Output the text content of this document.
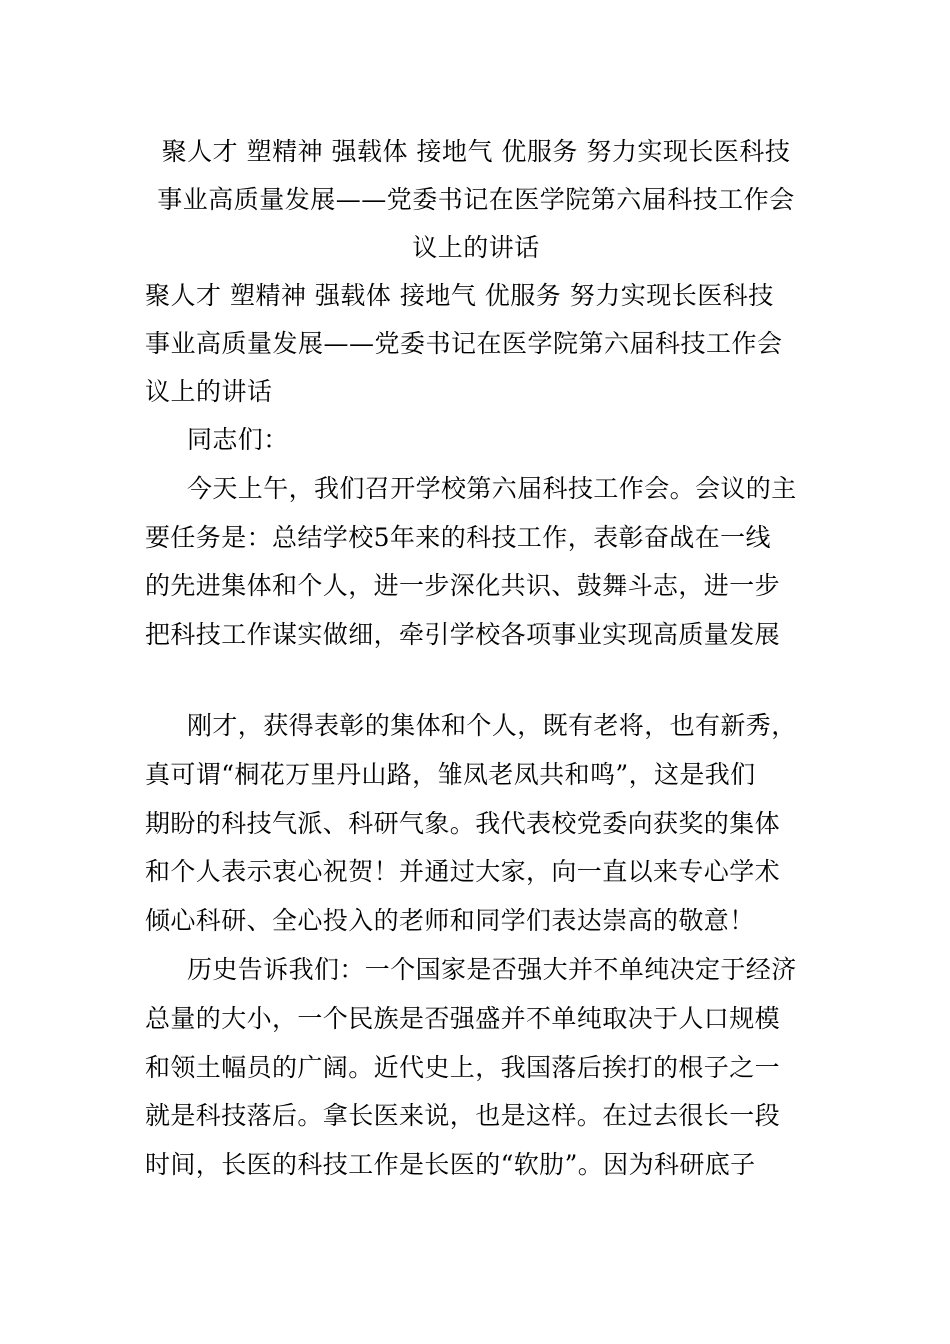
聚人才 塑精神 强载体 接地气 优服务 努力实现长医科技
事业高质量发展——党委书记在医学院第六届科技工作会
议上的讲话
聚人才 塑精神 强载体 接地气 优服务 努力实现长医科技
事业高质量发展——党委书记在医学院第六届科技工作会
议上的讲话

同志们：

今天上午，我们召开学校第六届科技工作会。会议的主
要任务是：总结学校5年来的科技工作，表彰奋战在一线
的先进集体和个人，进一步深化共识、鼓舞斗志，进一步
把科技工作谋实做细，牵引学校各项事业实现高质量发展

刚才，获得表彰的集体和个人，既有老将，也有新秀，
真可谓“桐花万里丹山路，雏凤老凤共和鸣”，这是我们
期盼的科技气派、科研气象。我代表校党委向获奖的集体
和个人表示衷心祝贺！并通过大家，向一直以来专心学术
倾心科研、全心投入的老师和同学们表达崇高的敬意！

历史告诉我们：一个国家是否强大并不单纯决定于经济
总量的大小，一个民族是否强盛并不单纯取决于人口规模
和领土幅员的广阔。近代史上，我国落后挨打的根子之一
就是科技落后。拿长医来说，也是这样。在过去很长一段
时间，长医的科技工作是长医的“软肋”。因为科研底子
